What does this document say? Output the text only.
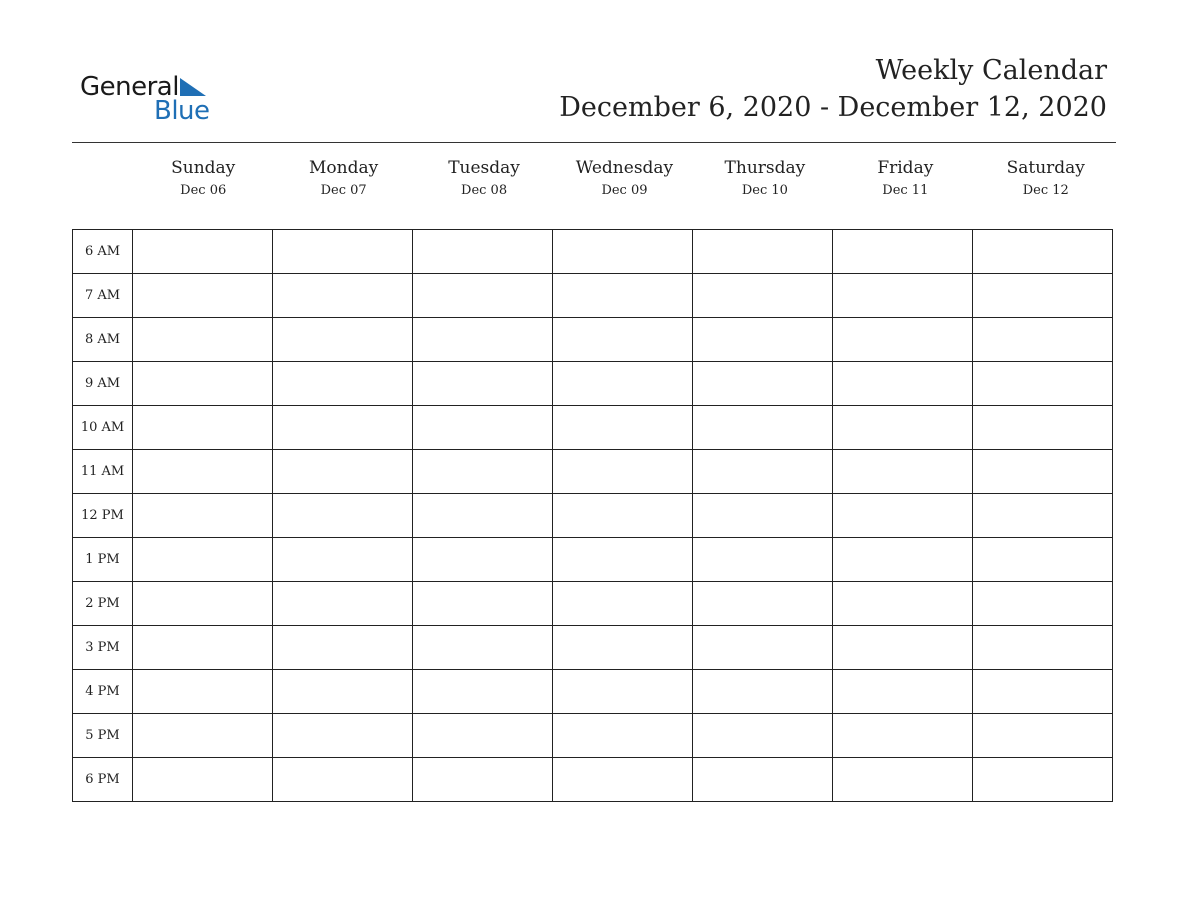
General
Blue
Weekly Calendar
December 6, 2020 - December 12, 2020
Sunday
Dec 06
Monday
Dec 07
Tuesday
Dec 08
Wednesday
Dec 09
Thursday
Dec 10
Friday
Dec 11
Saturday
Dec 12
6 AM							
7 AM							
8 AM							
9 AM							
10 AM							
11 AM							
12 PM							
1 PM							
2 PM							
3 PM							
4 PM							
5 PM							
6 PM							
